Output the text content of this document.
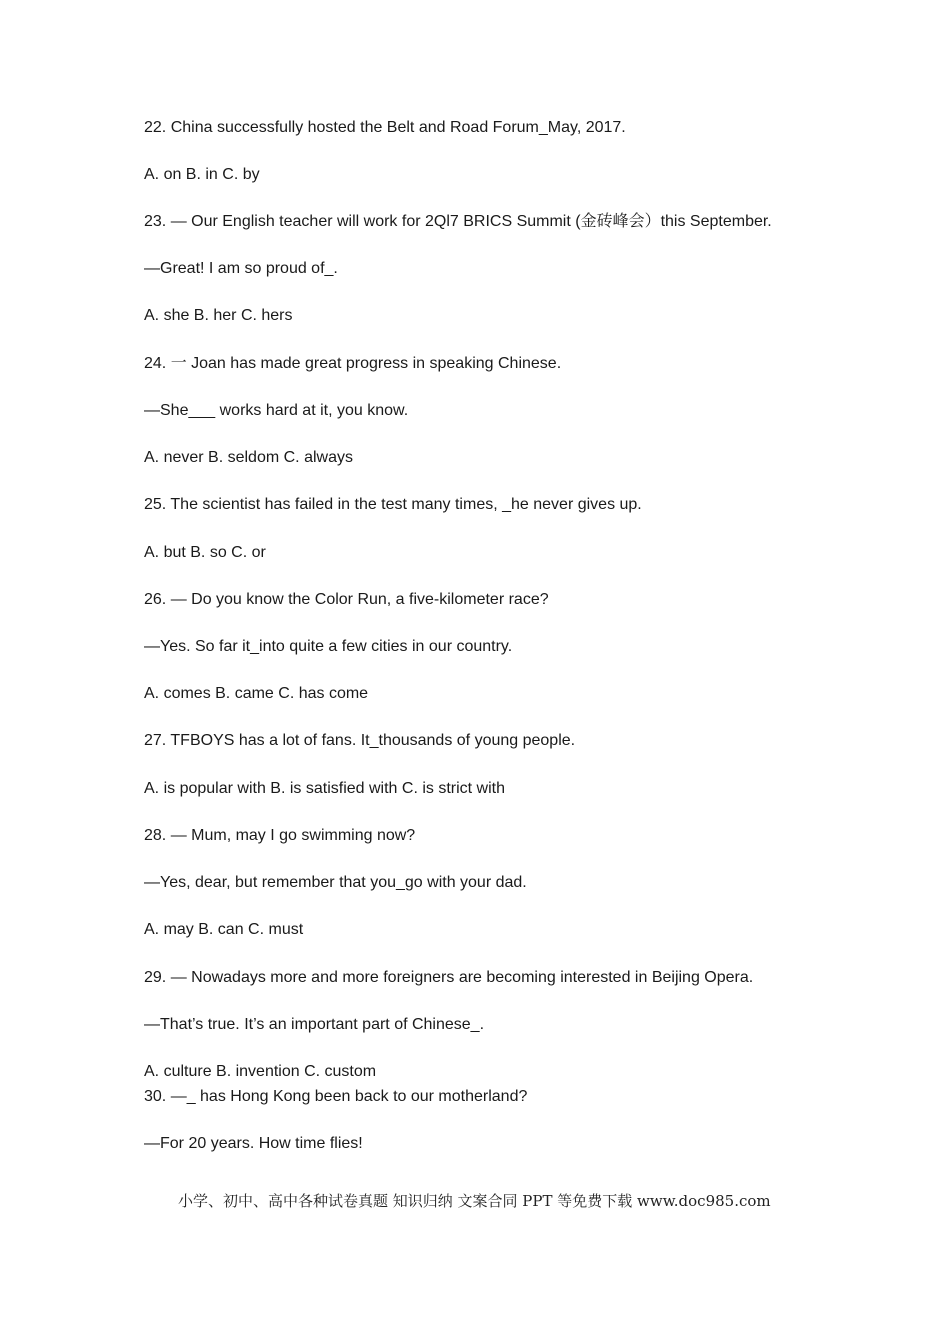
22. China successfully hosted the Belt and Road Forum_May, 2017.
A. on B. in C. by
23. — Our English teacher will work for 2Ql7 BRICS Summit (金砖峰会）this September.
—Great! I am so proud of_.
A. she B. her C. hers
24. 一 Joan has made great progress in speaking Chinese.
—She___ works hard at it, you know.
A. never B. seldom C. always
25. The scientist has failed in the test many times, _he never gives up.
A. but B. so C. or
26. — Do you know the Color Run, a five-kilometer race?
—Yes. So far it_into quite a few cities in our country.
A. comes B. came C. has come
27. TFBOYS has a lot of fans. It_thousands of young people.
A. is popular with B. is satisfied with C. is strict with
28. — Mum, may I go swimming now?
—Yes, dear, but remember that you_go with your dad.
A. may B. can C. must
29. — Nowadays more and more foreigners are becoming interested in Beijing Opera.
—That’s true. It’s an important part of Chinese_.
A. culture B. invention C. custom
30. —_ has Hong Kong been back to our motherland?
—For 20 years. How time flies!
小学、初中、高中各种试卷真题 知识归纳 文案合同 PPT 等免费下载 www.doc985.com
